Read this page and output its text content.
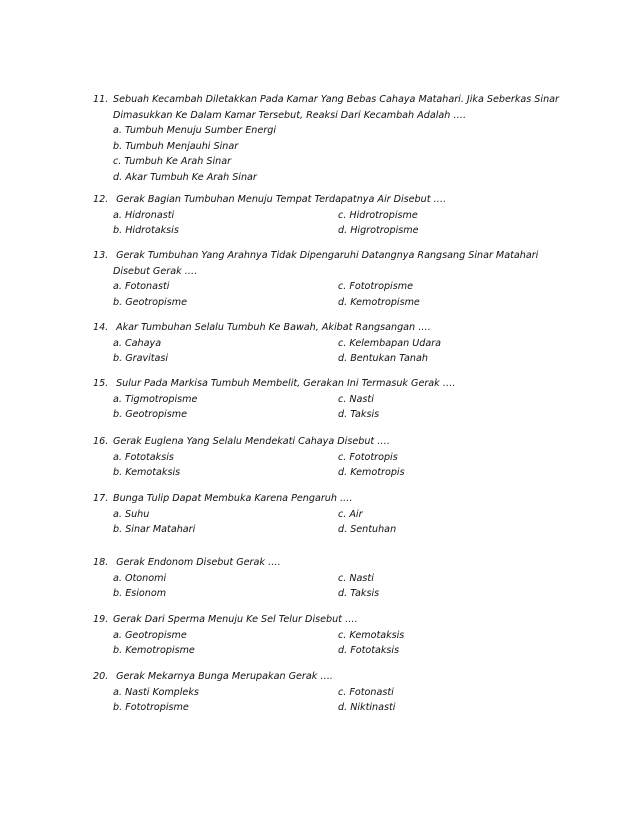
11. Sebuah Kecambah Diletakkan Pada Kamar Yang Bebas Cahaya Matahari. Jika Seberkas Sinar
Dimasukkan Ke Dalam Kamar Tersebut, Reaksi Dari Kecambah Adalah ….
a. Tumbuh Menuju Sumber Energi
b. Tumbuh Menjauhi Sinar
c. Tumbuh Ke Arah Sinar
d. Akar Tumbuh Ke Arah Sinar
12. Gerak Bagian Tumbuhan Menuju Tempat Terdapatnya Air Disebut ….
a. Hidronasti	c. Hidrotropisme
b. Hidrotaksis	d. Higrotropisme
13. Gerak Tumbuhan Yang Arahnya Tidak Dipengaruhi Datangnya Rangsang Sinar Matahari
Disebut Gerak .…
a. Fotonasti	c. Fototropisme
b. Geotropisme	d. Kemotropisme
14. Akar Tumbuhan Selalu Tumbuh Ke Bawah, Akibat Rangsangan .…
a. Cahaya	c. Kelembapan Udara
b. Gravitasi	d. Bentukan Tanah
15. Sulur Pada Markisa Tumbuh Membelit, Gerakan Ini Termasuk Gerak ….
a. Tigmotropisme	c. Nasti
b. Geotropisme	d. Taksis
16. Gerak Euglena Yang Selalu Mendekati Cahaya Disebut ….
a. Fototaksis	c. Fototropis
b. Kemotaksis	d. Kemotropis
17. Bunga Tulip Dapat Membuka Karena Pengaruh .…
a. Suhu	c. Air
b. Sinar Matahari	d. Sentuhan
18. Gerak Endonom Disebut Gerak ….
a. Otonomi	c. Nasti
b. Esionom	d. Taksis
19. Gerak Dari Sperma Menuju Ke Sel Telur Disebut ….
a. Geotropisme	c. Kemotaksis
b. Kemotropisme	d. Fototaksis
20. Gerak Mekarnya Bunga Merupakan Gerak ….
a. Nasti Kompleks	c. Fotonasti
b. Fototropisme	d. Niktinasti
